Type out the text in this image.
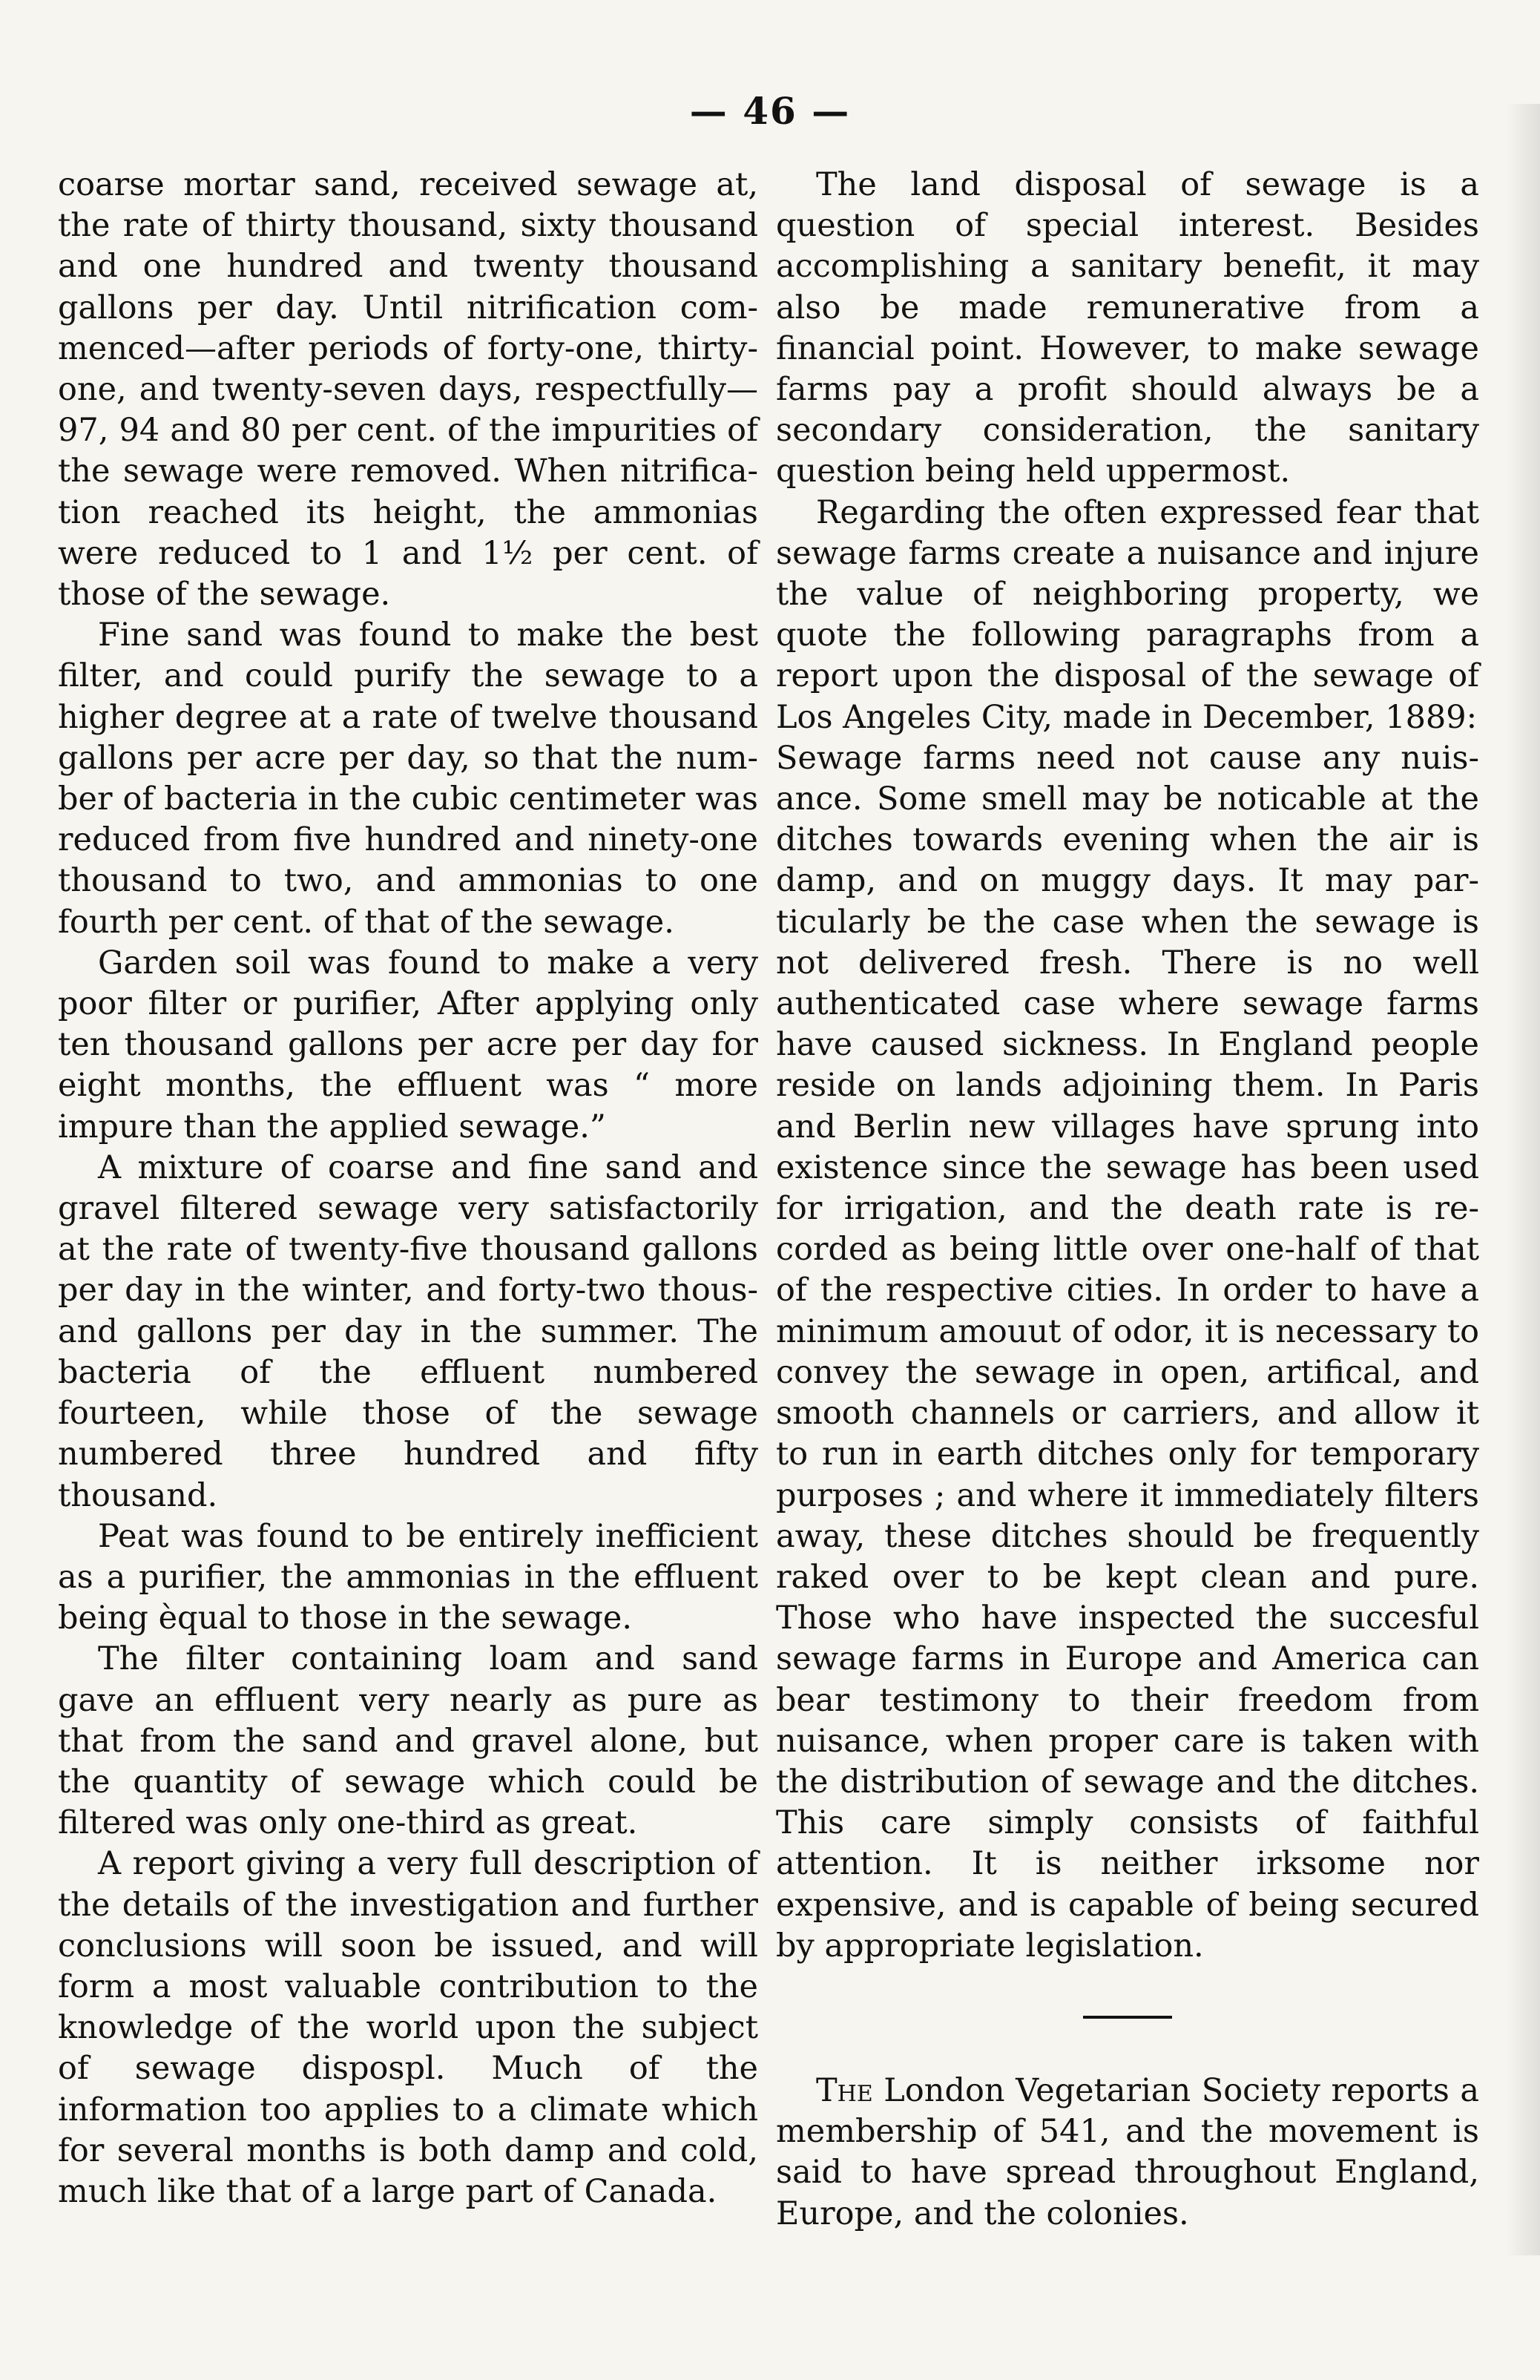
— 46 —

coarse mortar sand, received sewage at, the rate of thirty thousand, sixty thousand and one hundred and twenty thousand gallons per day. Until nitrification commenced—after periods of forty-one, thirty-one, and twenty-seven days, respectfully—97, 94 and 80 per cent. of the impurities of the sewage were removed. When nitrification reached its height, the ammonias were reduced to 1 and 1½ per cent. of those of the sewage.

Fine sand was found to make the best filter, and could purify the sewage to a higher degree at a rate of twelve thousand gallons per acre per day, so that the number of bacteria in the cubic centimeter was reduced from five hundred and ninety-one thousand to two, and ammonias to one fourth per cent. of that of the sewage.

Garden soil was found to make a very poor filter or purifier, After applying only ten thousand gallons per acre per day for eight months, the effluent was “ more impure than the applied sewage.”

A mixture of coarse and fine sand and gravel filtered sewage very satisfactorily at the rate of twenty-five thousand gallons per day in the winter, and forty-two thousand gallons per day in the summer. The bacteria of the effluent numbered fourteen, while those of the sewage numbered three hundred and fifty thousand.

Peat was found to be entirely inefficient as a purifier, the ammonias in the effluent being èqual to those in the sewage.

The filter containing loam and sand gave an effluent very nearly as pure as that from the sand and gravel alone, but the quantity of sewage which could be filtered was only one-third as great.

A report giving a very full description of the details of the investigation and further conclusions will soon be issued, and will form a most valuable contribution to the knowledge of the world upon the subject of sewage dispospl. Much of the information too applies to a climate which for several months is both damp and cold, much like that of a large part of Canada.

The land disposal of sewage is a question of special interest. Besides accomplishing a sanitary benefit, it may also be made remunerative from a financial point. However, to make sewage farms pay a profit should always be a secondary consideration, the sanitary question being held uppermost.

Regarding the often expressed fear that sewage farms create a nuisance and injure the value of neighboring property, we quote the following paragraphs from a report upon the disposal of the sewage of Los Angeles City, made in December, 1889:

Sewage farms need not cause any nuisance. Some smell may be noticable at the ditches towards evening when the air is damp, and on muggy days. It may particularly be the case when the sewage is not delivered fresh. There is no well authenticated case where sewage farms have caused sickness. In England people reside on lands adjoining them. In Paris and Berlin new villages have sprung into existence since the sewage has been used for irrigation, and the death rate is recorded as being little over one-half of that of the respective cities. In order to have a minimum amouut of odor, it is necessary to convey the sewage in open, artifical, and smooth channels or carriers, and allow it to run in earth ditches only for temporary purposes ; and where it immediately filters away, these ditches should be frequently raked over to be kept clean and pure. Those who have inspected the succesful sewage farms in Europe and America can bear testimony to their freedom from nuisance, when proper care is taken with the distribution of sewage and the ditches. This care simply consists of faithful attention. It is neither irksome nor expensive, and is capable of being secured by appropriate legislation.

The London Vegetarian Society reports a membership of 541, and the movement is said to have spread throughout England, Europe, and the colonies.
